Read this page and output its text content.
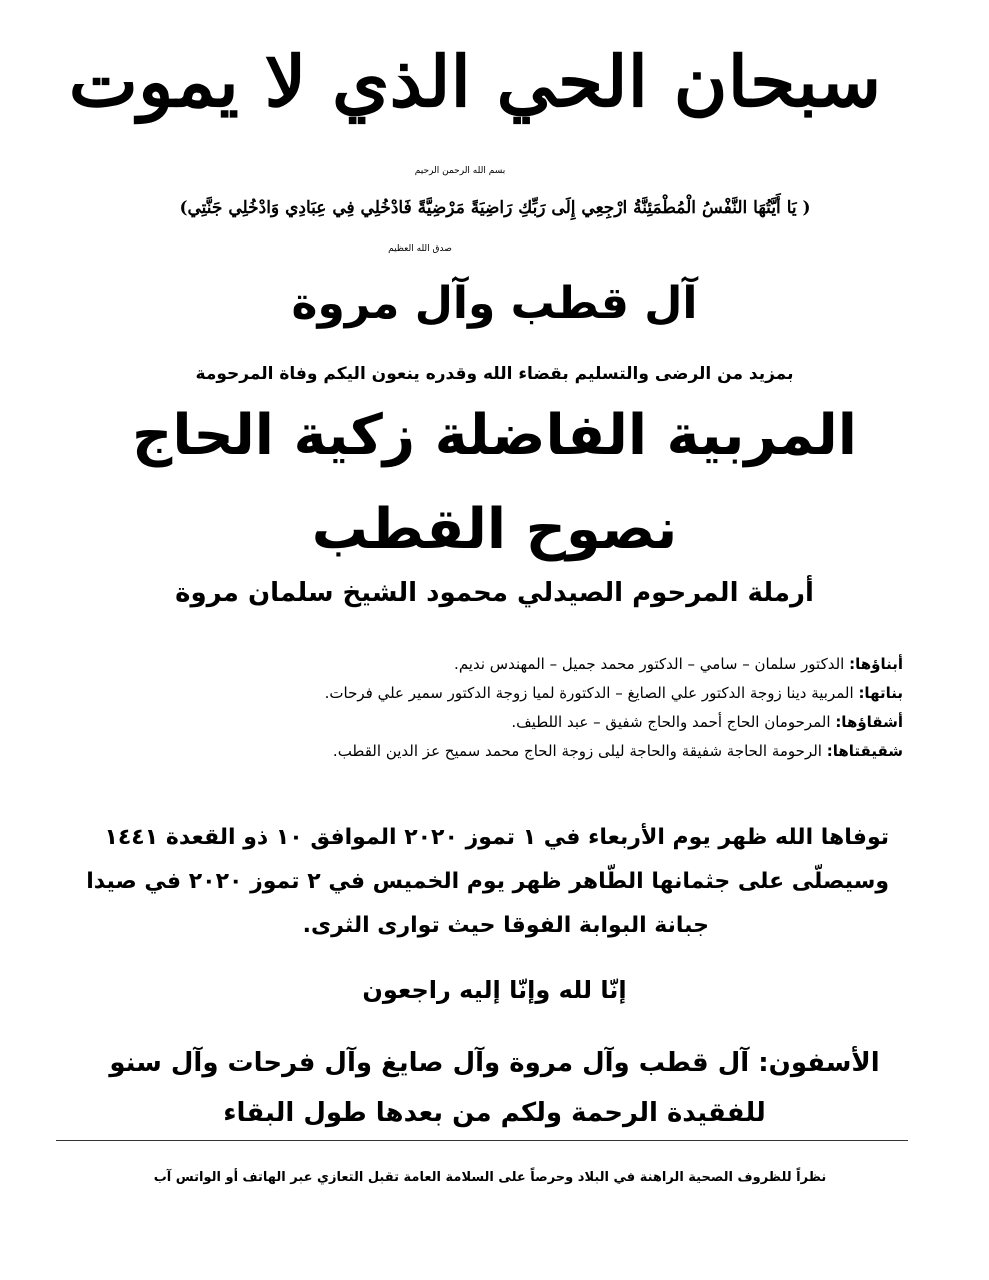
سبحان الحي الذي لا يموت
بسم الله الرحمن الرحيم
( يَا أَيَّتُهَا النَّفْسُ الْمُطْمَئِنَّةُ ارْجِعِي إِلَى رَبِّكِ رَاضِيَةً مَرْضِيَّةً فَادْخُلِي فِي عِبَادِي وَادْخُلِي جَنَّتِي)
صدق الله العظيم
آل قطب وآل مروة
بمزيد من الرضى والتسليم بقضاء الله وقدره ينعون اليكم وفاة المرحومة
المربية الفاضلة زكية الحاج
نصوح القطب
أرملة المرحوم الصيدلي محمود الشيخ سلمان مروة
أبناؤها: الدكتور سلمان – سامي – الدكتور محمد جميل – المهندس نديم.
بناتها: المربية دينا زوجة الدكتور علي الصايغ – الدكتورة لميا زوجة الدكتور سمير علي فرحات.
أشقاؤها: المرحومان الحاج أحمد والحاج شفيق – عبد اللطيف.
شقيقتاها: الرحومة الحاجة شفيقة والحاجة ليلى زوجة الحاج محمد سميح عز الدين القطب.
توفاها الله ظهر يوم الأربعاء في ١ تموز ٢٠٢٠ الموافق ١٠ ذو القعدة ١٤٤١
وسيصلّى على جثمانها الطّاهر ظهر يوم الخميس في ٢ تموز ٢٠٢٠ في صيدا
جبانة البوابة الفوقا حيث توارى الثرى.
إنّا لله وإنّا إليه راجعون
الأسفون: آل قطب وآل مروة وآل صايغ وآل فرحات وآل سنو
للفقيدة الرحمة ولكم من بعدها طول البقاء
نظراً للظروف الصحية الراهنة في البلاد وحرصاً على السلامة العامة تقبل التعازي عبر الهاتف أو الواتس آب
